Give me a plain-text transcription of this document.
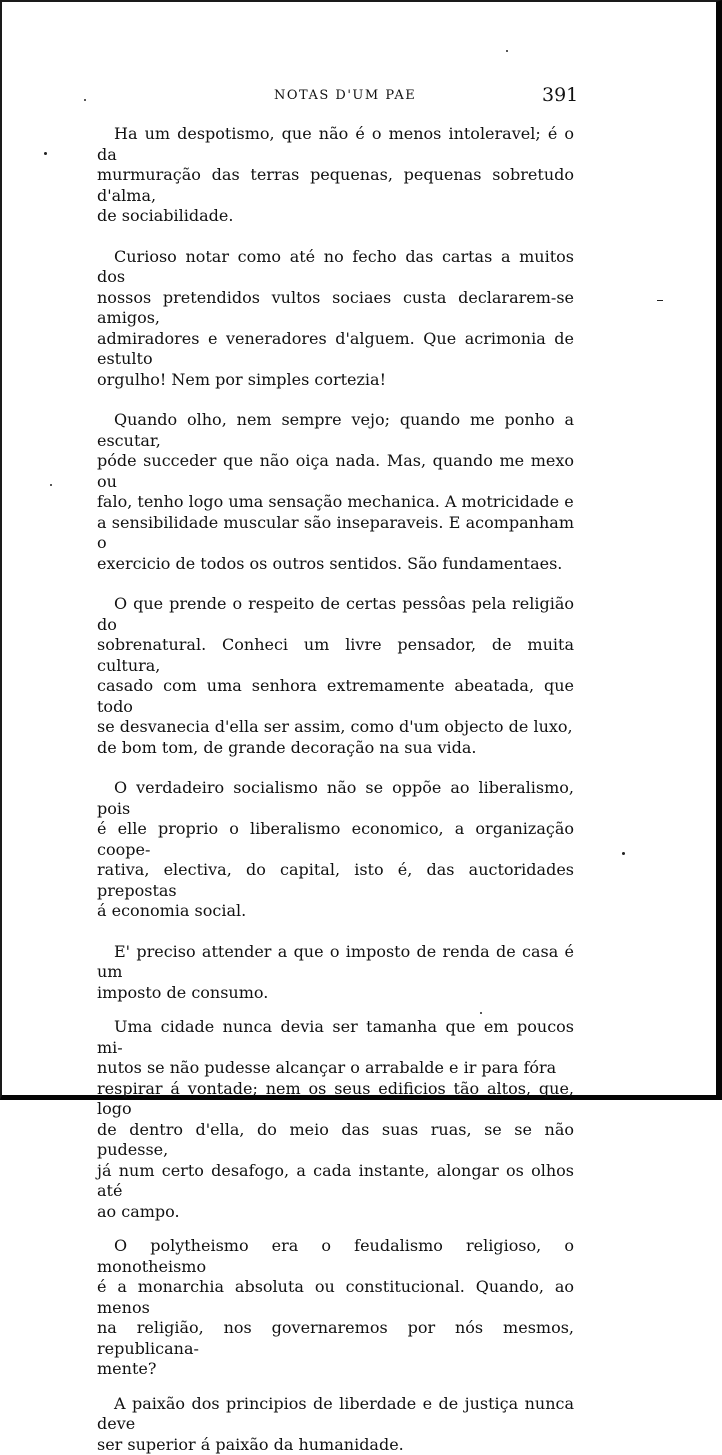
NOTAS D'UM PAE	391

Ha um despotismo, que não é o menos intoleravel; é o da
murmuração das terras pequenas, pequenas sobretudo d'alma,
de sociabilidade.

Curioso notar como até no fecho das cartas a muitos dos
nossos pretendidos vultos sociaes custa declararem-se amigos,
admiradores e veneradores d'alguem. Que acrimonia de estulto
orgulho! Nem por simples cortezia!

Quando olho, nem sempre vejo; quando me ponho a escutar,
póde succeder que não oiça nada. Mas, quando me mexo ou
falo, tenho logo uma sensação mechanica. A motricidade e
a sensibilidade muscular são inseparaveis. E acompanham o
exercicio de todos os outros sentidos. São fundamentaes.

O que prende o respeito de certas pessôas pela religião do
sobrenatural. Conheci um livre pensador, de muita cultura,
casado com uma senhora extremamente abeatada, que todo
se desvanecia d'ella ser assim, como d'um objecto de luxo,
de bom tom, de grande decoração na sua vida.

O verdadeiro socialismo não se oppõe ao liberalismo, pois
é elle proprio o liberalismo economico, a organização coope-
rativa, electiva, do capital, isto é, das auctoridades prepostas
á economia social.

E' preciso attender a que o imposto de renda de casa é um
imposto de consumo.

Uma cidade nunca devia ser tamanha que em poucos mi-
nutos se não pudesse alcançar o arrabalde e ir para fóra
respirar á vontade; nem os seus edificios tão altos, que, logo
de dentro d'ella, do meio das suas ruas, se se não pudesse,
já num certo desafogo, a cada instante, alongar os olhos até
ao campo.

O polytheismo era o feudalismo religioso, o monotheismo
é a monarchia absoluta ou constitucional. Quando, ao menos
na religião, nos governaremos por nós mesmos, republicana-
mente?

A paixão dos principios de liberdade e de justiça nunca deve
ser superior á paixão da humanidade.
